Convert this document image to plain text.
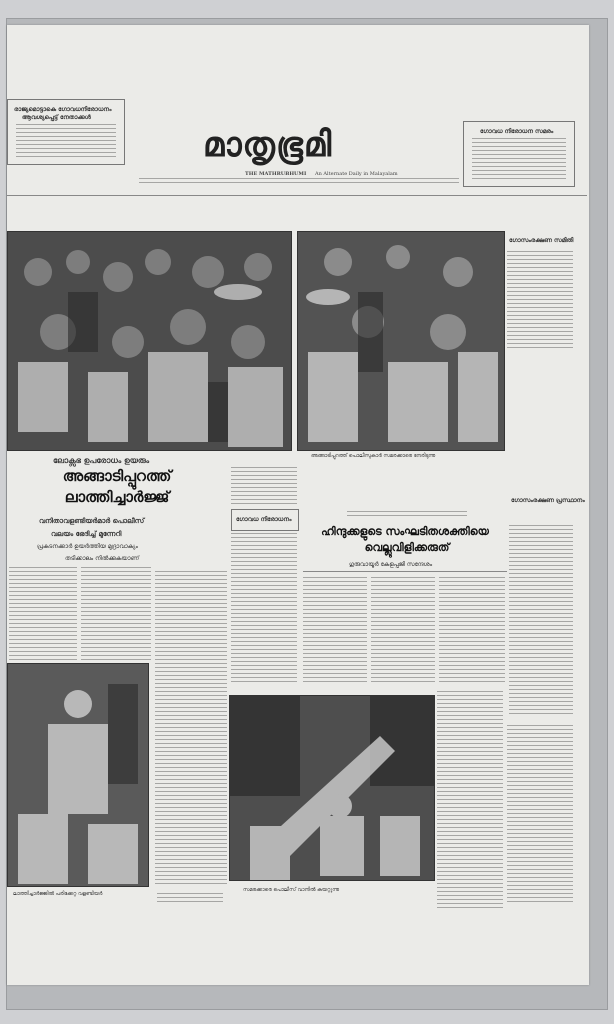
രാജ്യമൊട്ടാകെ ഗോവധനിരോധനം
ആവശ്യപ്പെട്ട് നേതാക്കൾ
മാതൃഭൂമി
THE MATHRUBHUMI An Alternate Daily in Malayalam
ഗോവധ നിരോധന സമരം
അങ്ങാടിപ്പുറത്ത് പൊലീസുകാർ സമരക്കാരെ നേരിടുന്നു
ഗോസംരക്ഷണ സമിതി
ലോക്സഭ ഉപരോധം ഉയരും
അങ്ങാടിപ്പുറത്ത്
ലാത്തിച്ചാർജ്ജ്
വനിതാവളണ്ടിയർമാർ പൊലീസ്
വലയം ഭേദിച്ച് മുന്നേറി
പ്രകടനക്കാർ ഉയർത്തിയ മുദ്രാവാക്യം
തടിക്കാലം നിൽക്കുകയാണ്
ഗോവധ നിരോധനം
ഹിന്ദുക്കളുടെ സംഘടിതശക്തിയെ
വെല്ലുവിളിക്കരുത്
ഗുരുവായൂർ കേളപ്പജി സന്ദേശം
ഗോസംരക്ഷണ പ്രസ്ഥാനം
ലാത്തിച്ചാർജ്ജിൽ പരിക്കേറ്റ വളണ്ടിയർ
സമരക്കാരെ പൊലീസ് വാനിൽ കയറ്റുന്നു
